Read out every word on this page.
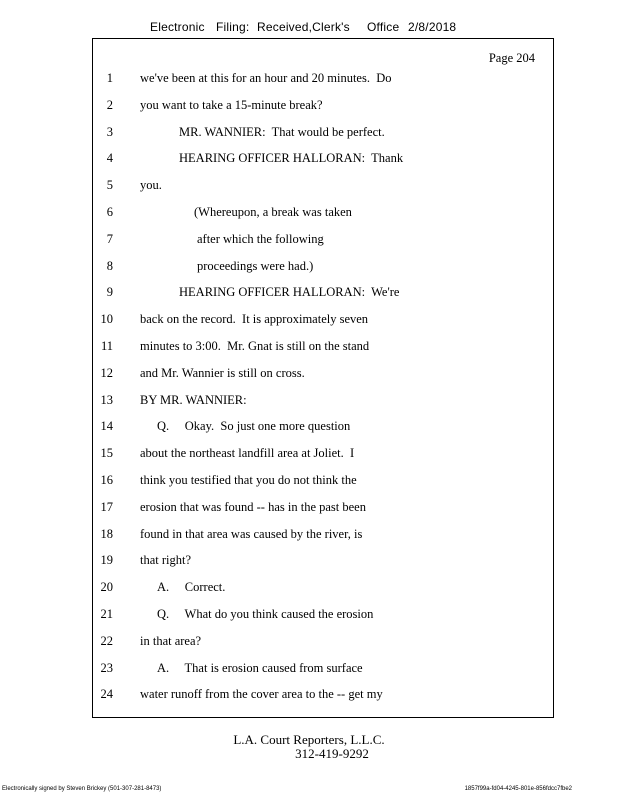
Electronic Filing: Received,Clerk's Office 2/8/2018
Page 204
1 we've been at this for an hour and 20 minutes.  Do
2 you want to take a 15-minute break?
3	MR. WANNIER:  That would be perfect.
4	HEARING OFFICER HALLORAN:  Thank
5 you.
6	(Whereupon, a break was taken
7	after which the following
8	proceedings were had.)
9	HEARING OFFICER HALLORAN:  We're
10 back on the record.  It is approximately seven
11 minutes to 3:00.  Mr. Gnat is still on the stand
12 and Mr. Wannier is still on cross.
13 BY MR. WANNIER:
14	Q.     Okay.  So just one more question
15 about the northeast landfill area at Joliet.  I
16 think you testified that you do not think the
17 erosion that was found -- has in the past been
18 found in that area was caused by the river, is
19 that right?
20	A.     Correct.
21	Q.     What do you think caused the erosion
22 in that area?
23	A.     That is erosion caused from surface
24 water runoff from the cover area to the -- get my
L.A. Court Reporters, L.L.C.
312-419-9292
Electronically signed by Steven Brickey (501-307-281-8473)	1857f99a-fd04-4245-801e-856fdcc7fbe2
